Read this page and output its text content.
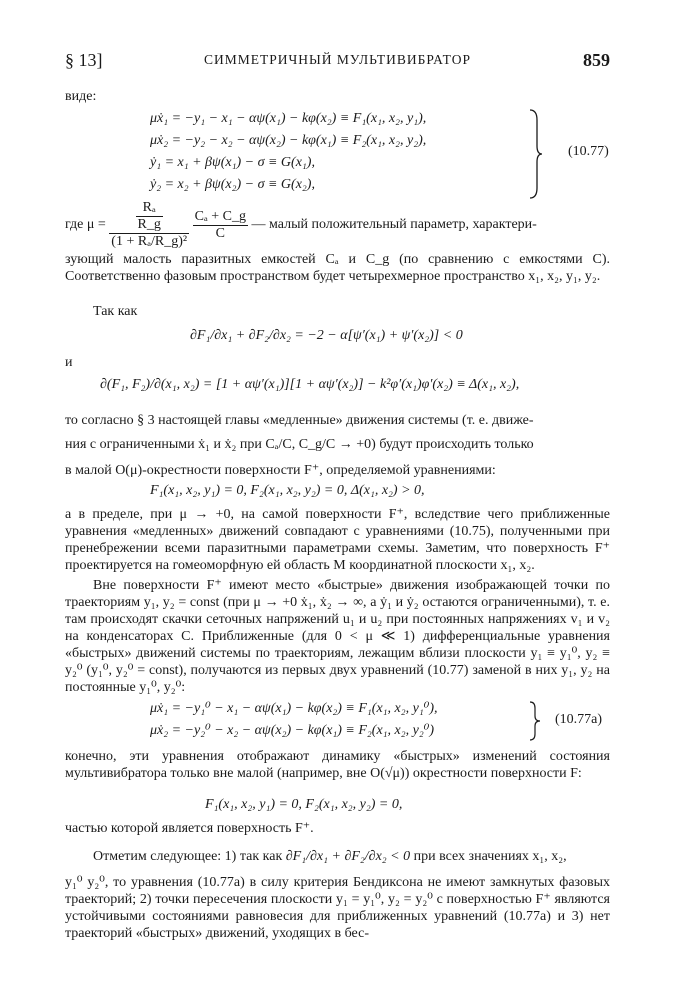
§ 13]	СИММЕТРИЧНЫЙ МУЛЬТИВИБРАТОР	859
виде:
μẋ₁ = −y₁ − x₁ − αψ(x₁) − kφ(x₂) ≡ F₁(x₁, x₂, y₁),
μẋ₂ = −y₂ − x₂ − αψ(x₂) − kφ(x₁) ≡ F₂(x₁, x₂, y₂),
ẏ₁ = x₁ + βψ(x₁) − σ ≡ G(x₁),
ẏ₂ = x₂ + βψ(x₂) − σ ≡ G(x₂),
(10.77)
где $\mu = \frac{\frac{\text{Rₐ}}{R\_g}}{\text{(1 + Rₐ/R\_g)²}}$
$\frac{\text{Cₐ + C\_g}}{C}$ — малый положительный параметр, характери-
зующий малость паразитных емкостей Cₐ и C_g (по сравнению с емкостями C). Соответственно фазовым пространством будет четырехмерное пространство x₁, x₂, y₁, y₂.
Так как
∂F₁/∂x₁ + ∂F₂/∂x₂ = −2 − α[ψ′(x₁) + ψ′(x₂)] < 0
и
∂(F₁, F₂)/∂(x₁, x₂) = [1 + αψ′(x₁)][1 + αψ′(x₂)] − k²φ′(x₁)φ′(x₂) ≡ Δ(x₁, x₂),
то согласно § 3 настоящей главы «медленные» движения системы (т. е. движе-
ния с ограниченными ẋ₁ и ẋ₂ при Cₐ/C, C_g/C → +0) будут происходить только
в малой O(μ)-окрестности поверхности F⁺, определяемой уравнениями:
F₁(x₁, x₂, y₁) = 0, F₂(x₁, x₂, y₂) = 0, Δ(x₁, x₂) > 0,
а в пределе, при μ → +0, на самой поверхности F⁺, вследствие чего приближенные уравнения «медленных» движений совпадают с уравнениями (10.75), полученными при пренебрежении всеми паразитными параметрами схемы. Заметим, что поверхность F⁺ проектируется на гомеоморфную ей область M координатной плоскости x₁, x₂.
Вне поверхности F⁺ имеют место «быстрые» движения изображающей точки по траекториям y₁, y₂ = const (при μ → +0 ẋ₁, ẋ₂ → ∞, а ẏ₁ и ẏ₂ остаются ограниченными), т. е. там происходят скачки сеточных напряжений u₁ и u₂ при постоянных напряжениях v₁ и v₂ на конденсаторах C. Приближенные (для 0 < μ ≪ 1) дифференциальные уравнения «быстрых» движений системы по траекториям, лежащим вблизи плоскости y₁ ≡ y₁⁰, y₂ ≡ y₂⁰ (y₁⁰, y₂⁰ = const), получаются из первых двух уравнений (10.77) заменой в них y₁, y₂ на постоянные y₁⁰, y₂⁰:
μẋ₁ = −y₁⁰ − x₁ − αψ(x₁) − kφ(x₂) ≡ F₁(x₁, x₂, y₁⁰),
μẋ₂ = −y₂⁰ − x₂ − αψ(x₂) − kφ(x₁) ≡ F₂(x₁, x₂, y₂⁰)
(10.77a)
конечно, эти уравнения отображают динамику «быстрых» изменений состояния мультивибратора только вне малой (например, вне O(√μ)) окрестности поверхности F:
F₁(x₁, x₂, y₁) = 0, F₂(x₁, x₂, y₂) = 0,
частью которой является поверхность F⁺.
Отметим следующее: 1) так как ∂F₁/∂x₁ + ∂F₂/∂x₂ < 0 при всех значениях x₁, x₂,
y₁⁰ y₂⁰, то уравнения (10.77а) в силу критерия Бендиксона не имеют замкнутых фазовых траекторий; 2) точки пересечения плоскости y₁ = y₁⁰, y₂ = y₂⁰ с поверхностью F⁺ являются устойчивыми состояниями равновесия для приближенных уравнений (10.77а) и 3) нет траекторий «быстрых» движений, уходящих в бес-
